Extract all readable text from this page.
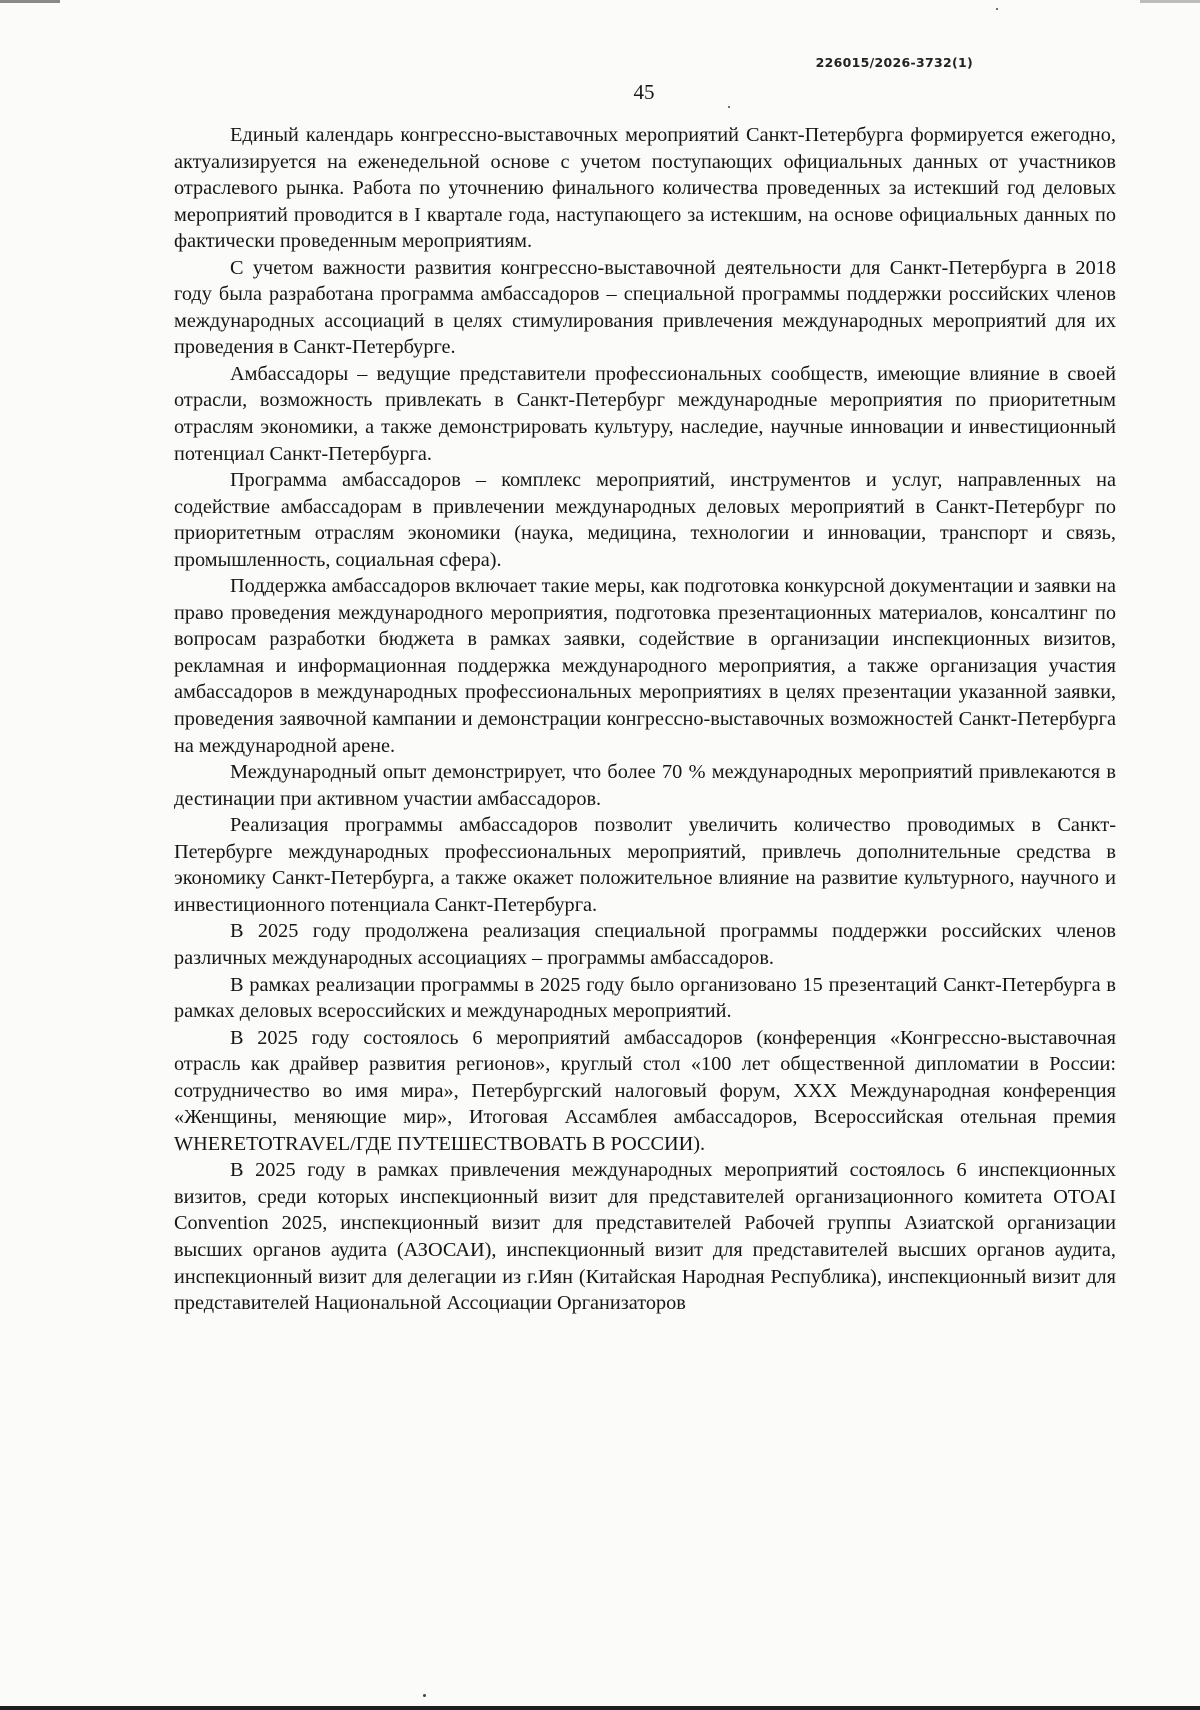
226015/2026-3732(1)
45

Единый календарь конгрессно-выставочных мероприятий Санкт-Петербурга формируется ежегодно, актуализируется на еженедельной основе с учетом поступающих официальных данных от участников отраслевого рынка. Работа по уточнению финального количества проведенных за истекший год деловых мероприятий проводится в I квартале года, наступающего за истекшим, на основе официальных данных по фактически проведенным мероприятиям.

С учетом важности развития конгрессно-выставочной деятельности для Санкт-Петербурга в 2018 году была разработана программа амбассадоров – специальной программы поддержки российских членов международных ассоциаций в целях стимулирования привлечения международных мероприятий для их проведения в Санкт-Петербурге.

Амбассадоры – ведущие представители профессиональных сообществ, имеющие влияние в своей отрасли, возможность привлекать в Санкт-Петербург международные мероприятия по приоритетным отраслям экономики, а также демонстрировать культуру, наследие, научные инновации и инвестиционный потенциал Санкт-Петербурга.

Программа амбассадоров – комплекс мероприятий, инструментов и услуг, направленных на содействие амбассадорам в привлечении международных деловых мероприятий в Санкт-Петербург по приоритетным отраслям экономики (наука, медицина, технологии и инновации, транспорт и связь, промышленность, социальная сфера).

Поддержка амбассадоров включает такие меры, как подготовка конкурсной документации и заявки на право проведения международного мероприятия, подготовка презентационных материалов, консалтинг по вопросам разработки бюджета в рамках заявки, содействие в организации инспекционных визитов, рекламная и информационная поддержка международного мероприятия, а также организация участия амбассадоров в международных профессиональных мероприятиях в целях презентации указанной заявки, проведения заявочной кампании и демонстрации конгрессно-выставочных возможностей Санкт-Петербурга на международной арене.

Международный опыт демонстрирует, что более 70 % международных мероприятий привлекаются в дестинации при активном участии амбассадоров.

Реализация программы амбассадоров позволит увеличить количество проводимых в Санкт-Петербурге международных профессиональных мероприятий, привлечь дополнительные средства в экономику Санкт-Петербурга, а также окажет положительное влияние на развитие культурного, научного и инвестиционного потенциала Санкт-Петербурга.

В 2025 году продолжена реализация специальной программы поддержки российских членов различных международных ассоциациях – программы амбассадоров.

В рамках реализации программы в 2025 году было организовано 15 презентаций Санкт-Петербурга в рамках деловых всероссийских и международных мероприятий.

В 2025 году состоялось 6 мероприятий амбассадоров (конференция «Конгрессно-выставочная отрасль как драйвер развития регионов», круглый стол «100 лет общественной дипломатии в России: сотрудничество во имя мира», Петербургский налоговый форум, XXX Международная конференция «Женщины, меняющие мир», Итоговая Ассамблея амбассадоров, Всероссийская отельная премия WHERETOTRAVEL/ГДЕ ПУТЕШЕСТВОВАТЬ В РОССИИ).

В 2025 году в рамках привлечения международных мероприятий состоялось 6 инспекционных визитов, среди которых инспекционный визит для представителей организационного комитета OTOAI Convention 2025, инспекционный визит для представителей Рабочей группы Азиатской организации высших органов аудита (АЗОСАИ), инспекционный визит для представителей высших органов аудита, инспекционный визит для делегации из г.Иян (Китайская Народная Республика), инспекционный визит для представителей Национальной Ассоциации Организаторов
